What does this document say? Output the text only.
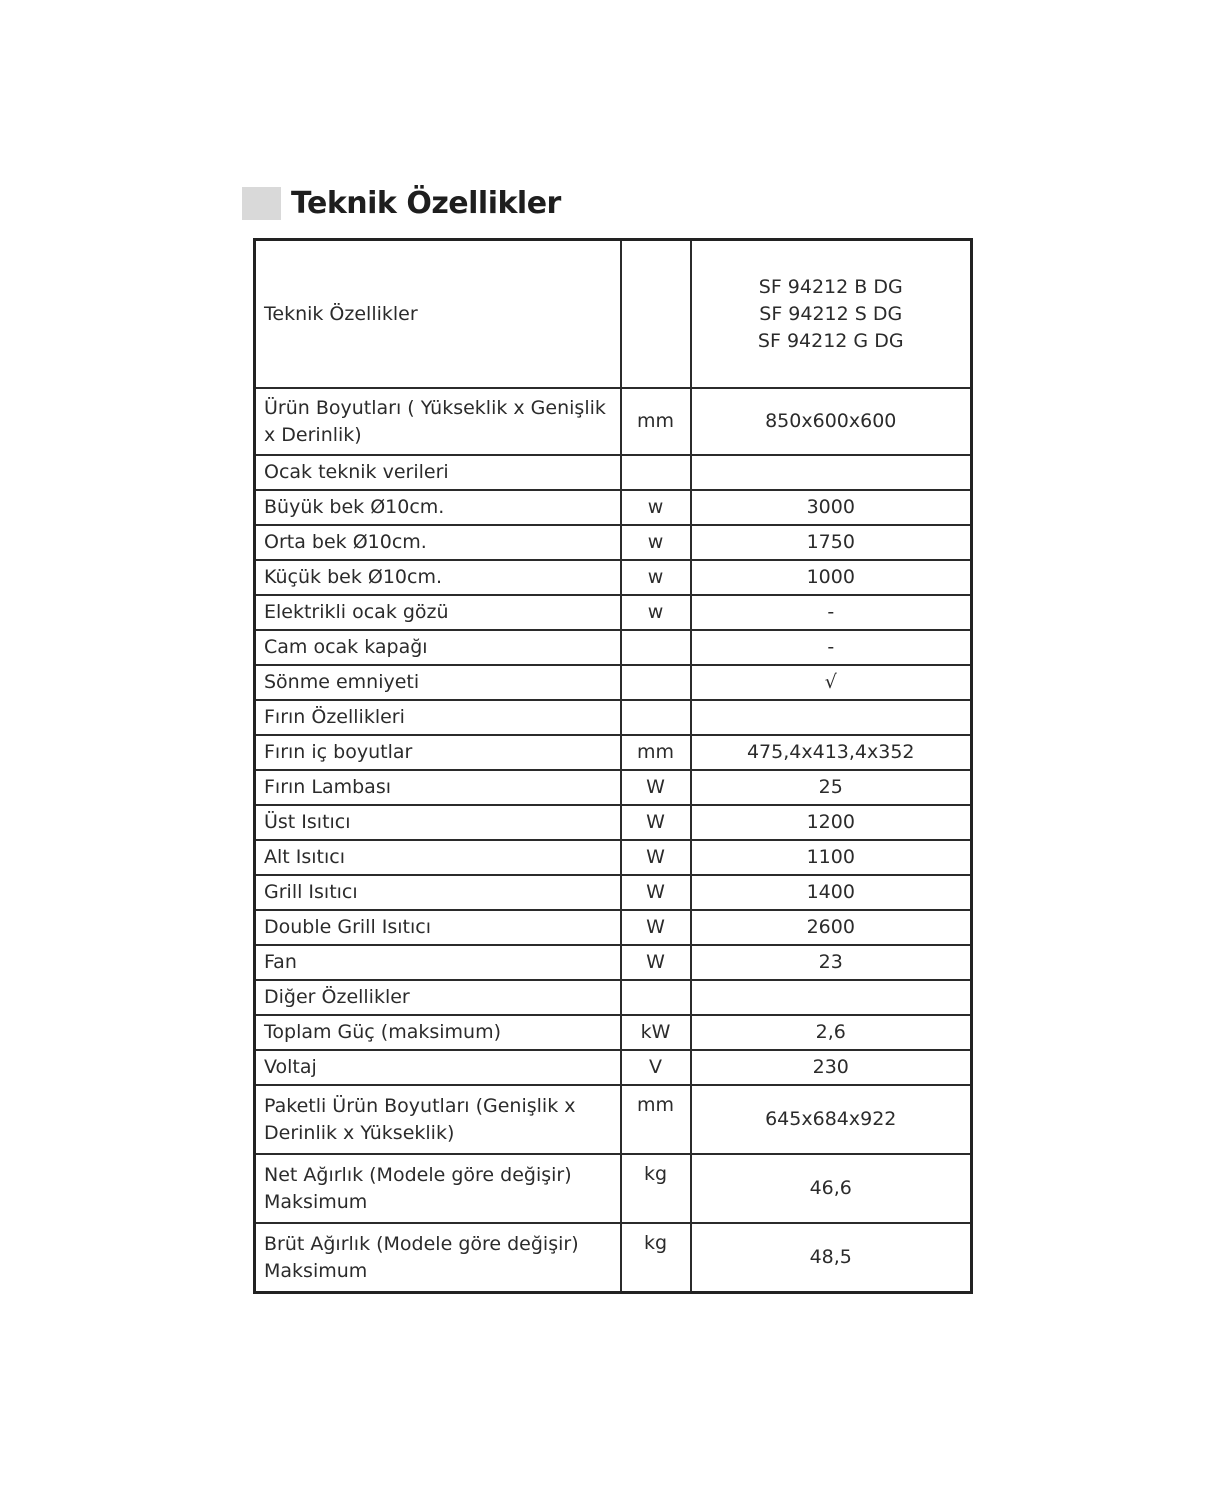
Teknik Özellikler
Teknik Özellikler		SF 94212 B DG
SF 94212 S DG
SF 94212 G DG

Ürün Boyutları ( Yükseklik x Genişlik x Derinlik)	mm	850x600x600
Ocak teknik verileri		
Büyük bek Ø10cm.	w	3000
Orta bek Ø10cm.	w	1750
Küçük bek Ø10cm.	w	1000
Elektrikli ocak gözü	w	-
Cam ocak kapağı		-
Sönme emniyeti		√
Fırın Özellikleri		
Fırın iç boyutlar	mm	475,4x413,4x352
Fırın Lambası	W	25
Üst Isıtıcı	W	1200
Alt Isıtıcı	W	1100
Grill Isıtıcı	W	1400
Double Grill Isıtıcı	W	2600
Fan	W	23
Diğer Özellikler		
Toplam Güç (maksimum)	kW	2,6
Voltaj	V	230
Paketli Ürün Boyutları (Genişlik x Derinlik x Yükseklik)	mm	645x684x922
Net Ağırlık (Modele göre değişir) Maksimum	kg	46,6
Brüt Ağırlık (Modele göre değişir) Maksimum	kg	48,5
